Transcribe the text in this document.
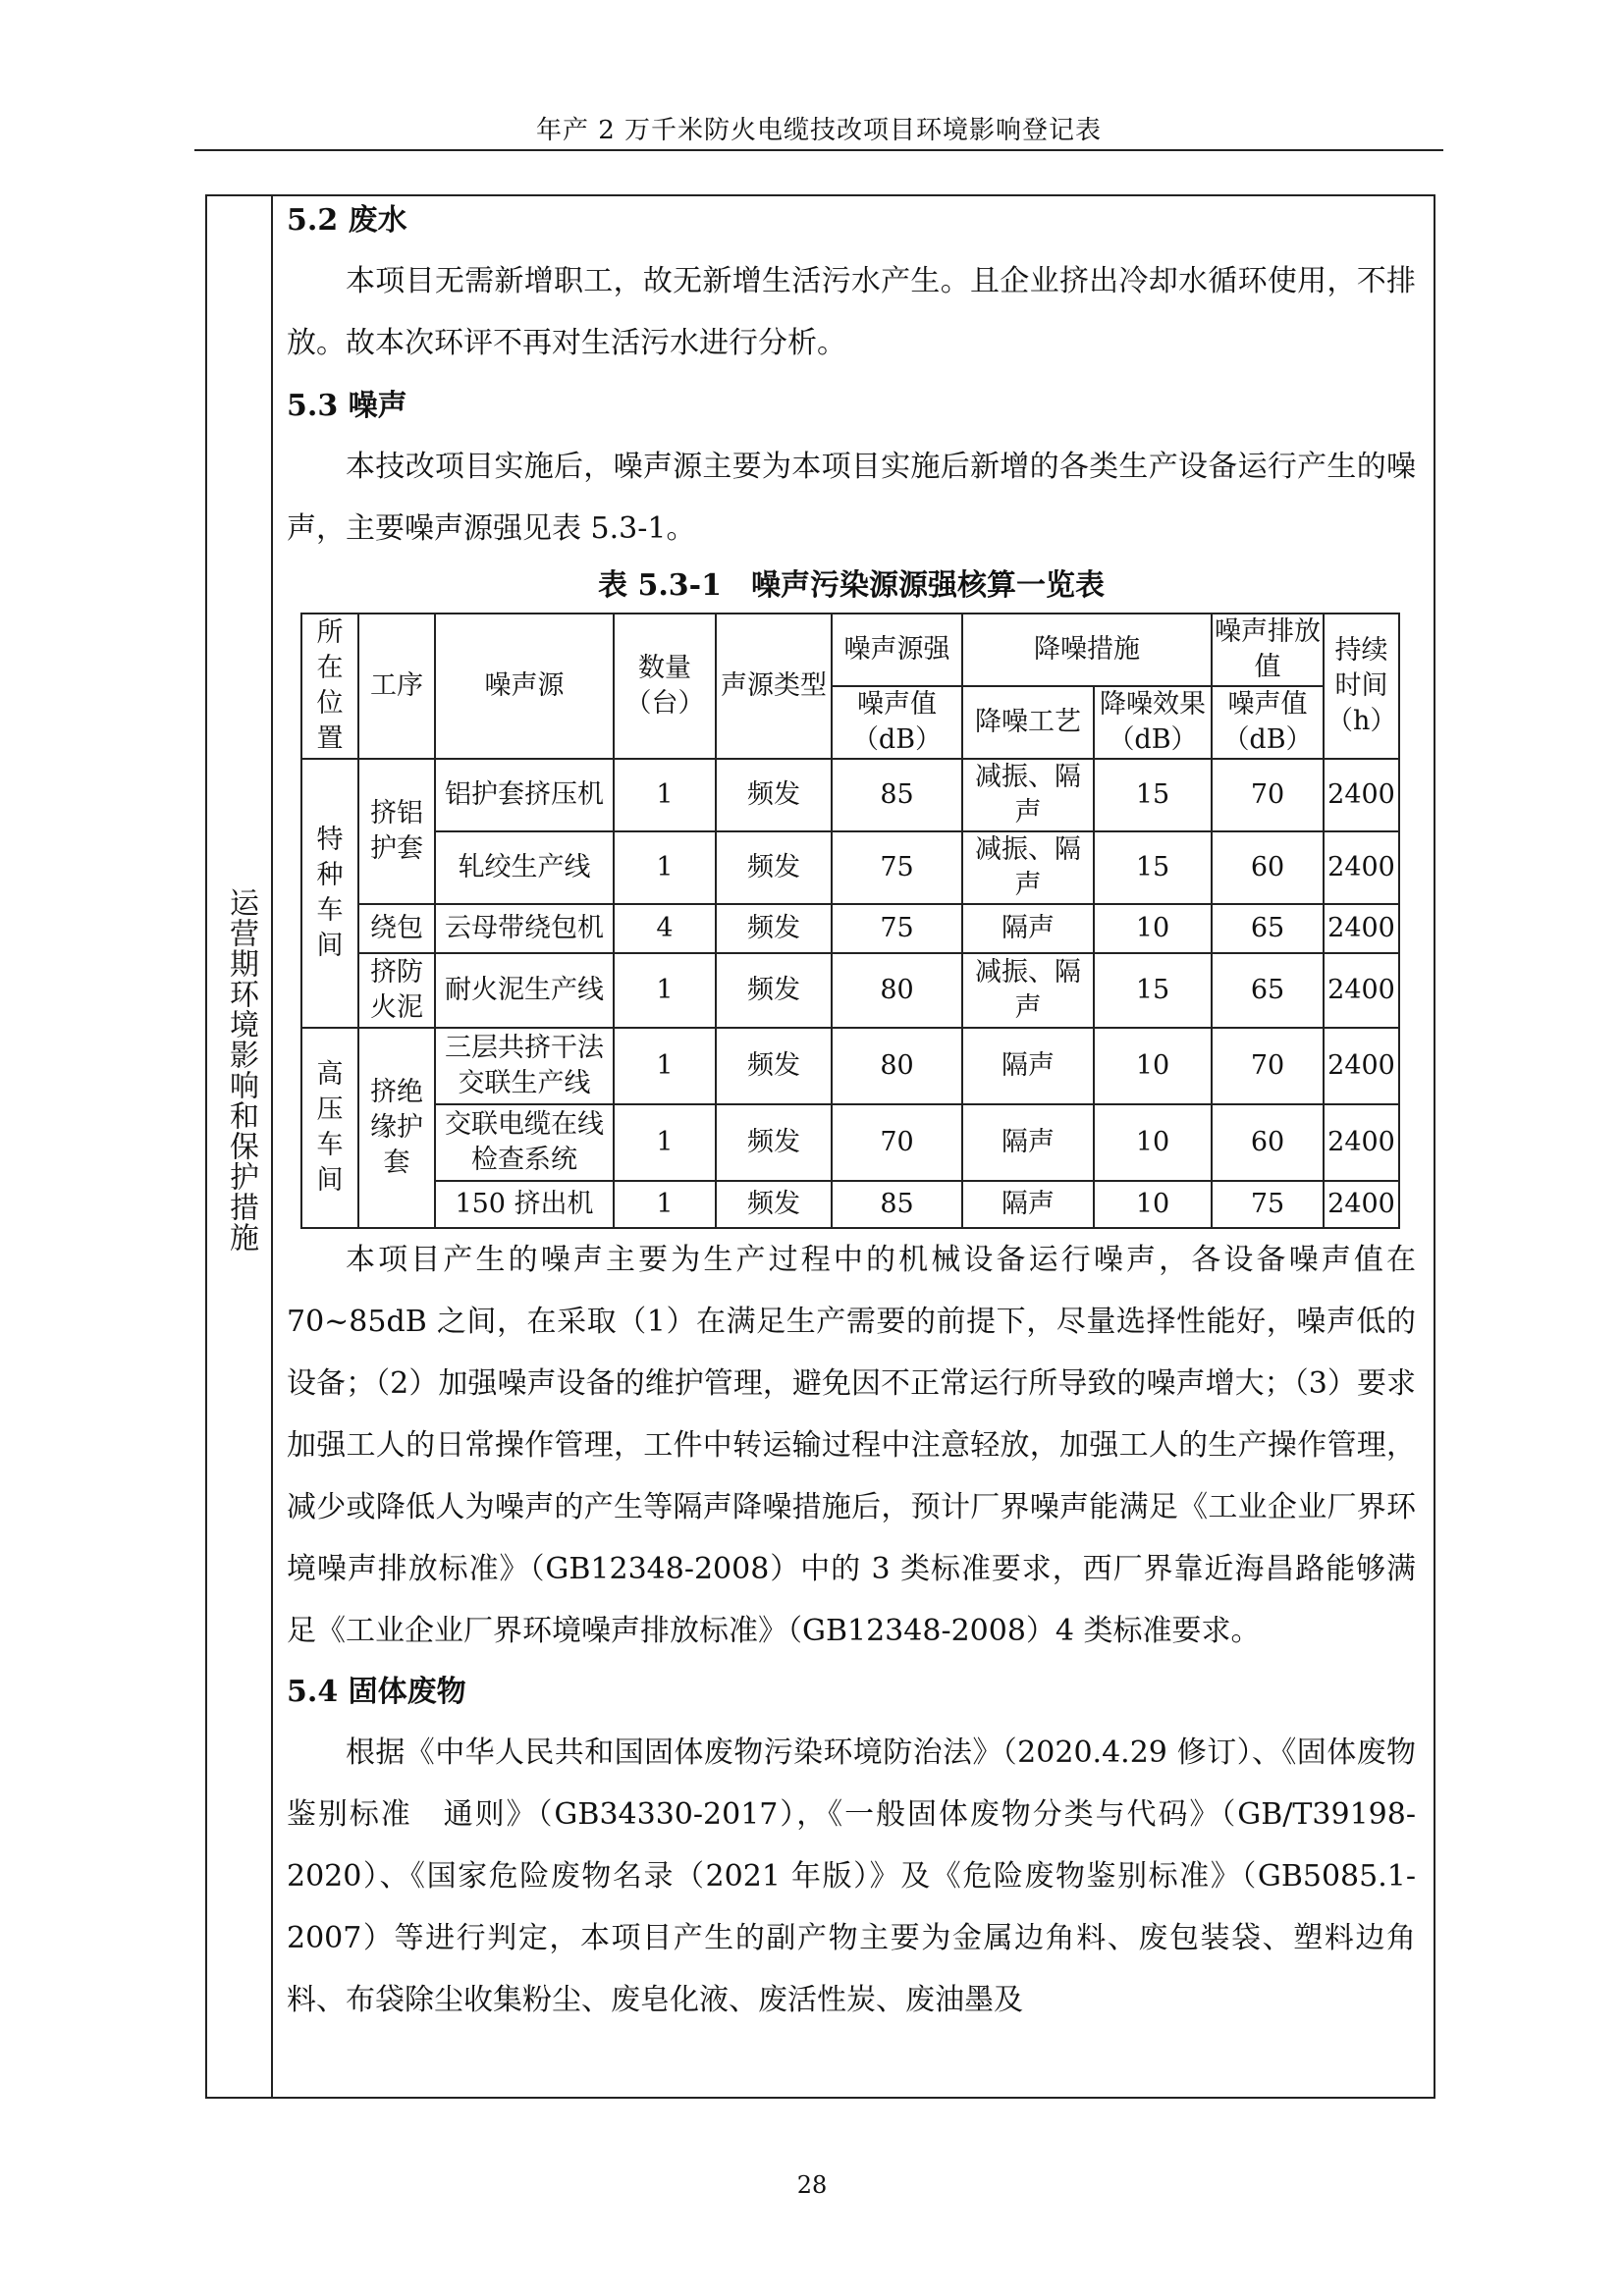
年产 2 万千米防火电缆技改项目环境影响登记表
运营期环境影响和保护措施
5.2 废水

本项目无需新增职工，故无新增生活污水产生。且企业挤出冷却水循环使用，不排放。故本次环评不再对生活污水进行分析。

5.3 噪声

本技改项目实施后，噪声源主要为本项目实施后新增的各类生产设备运行产生的噪声，主要噪声源强见表 5.3-1。

表 5.3-1　噪声污染源源强核算一览表
所在位置	工序	噪声源	数量（台）	声源类型	噪声源强	降噪措施		噪声排放值	持续时间（h）
					噪声值（dB）	降噪工艺	降噪效果（dB）	噪声值（dB）	
特种车间	挤铝护套	铝护套挤压机	1	频发	85	减振、隔声	15	70	2400
		轧绞生产线	1	频发	75	减振、隔声	15	60	2400
	绕包	云母带绕包机	4	频发	75	隔声	10	65	2400
	挤防火泥	耐火泥生产线	1	频发	80	减振、隔声	15	65	2400
高压车间	挤绝缘护套	三层共挤干法交联生产线	1	频发	80	隔声	10	70	2400
		交联电缆在线检查系统	1	频发	70	隔声	10	60	2400
		150 挤出机	1	频发	85	隔声	10	75	2400

本项目产生的噪声主要为生产过程中的机械设备运行噪声，各设备噪声值在 70~85dB 之间，在采取（1）在满足生产需要的前提下，尽量选择性能好，噪声低的设备；（2）加强噪声设备的维护管理，避免因不正常运行所导致的噪声增大；（3）要求加强工人的日常操作管理，工件中转运输过程中注意轻放，加强工人的生产操作管理，减少或降低人为噪声的产生等隔声降噪措施后，预计厂界噪声能满足《工业企业厂界环境噪声排放标准》（GB12348-2008）中的 3 类标准要求，西厂界靠近海昌路能够满足《工业企业厂界环境噪声排放标准》（GB12348-2008）4 类标准要求。

5.4 固体废物

根据《中华人民共和国固体废物污染环境防治法》（2020.4.29 修订）、《固体废物鉴别标准　通则》（GB34330-2017），《一般固体废物分类与代码》（GB/T39198-2020）、《国家危险废物名录（2021 年版）》及《危险废物鉴别标准》（GB5085.1-2007）等进行判定，本项目产生的副产物主要为金属边角料、废包装袋、塑料边角料、布袋除尘收集粉尘、废皂化液、废活性炭、废油墨及

28
